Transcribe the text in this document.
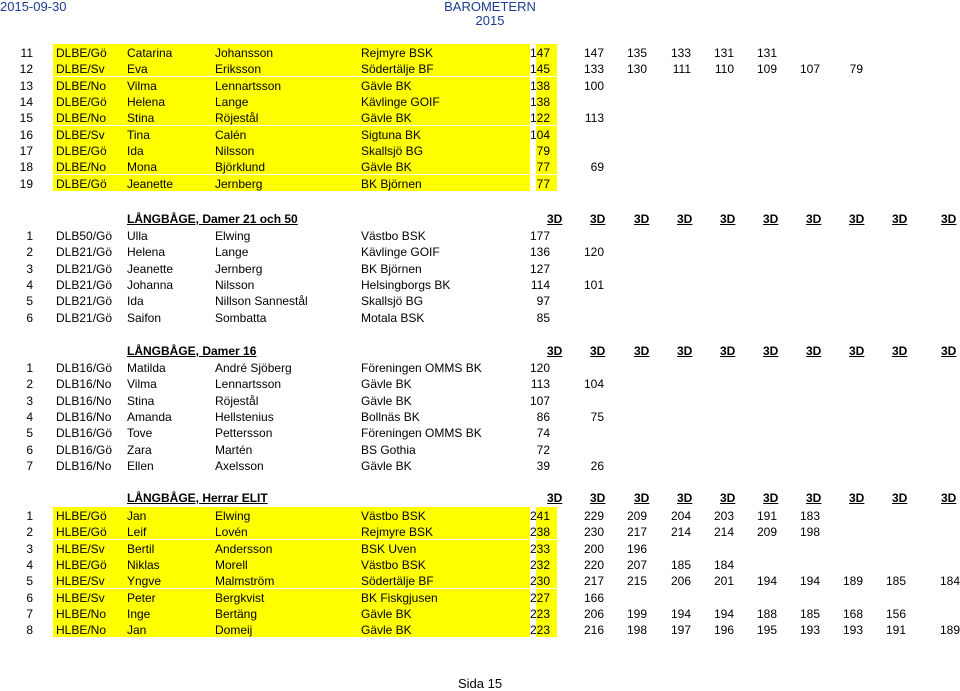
2015-09-30	BAROMETERN
2015
11 DLBE/Gö Catarina	Johansson	Rejmyre BSK	147	147	135	133	131	131
12 DLBE/Sv Eva	Eriksson	Södertälje BF	145	133	130	111	110	109	107	79
13 DLBE/No Vilma	Lennartsson	Gävle BK	138	100
14 DLBE/Gö Helena	Lange	Kävlinge GOIF	138
15 DLBE/No Stina	Röjestål	Gävle BK	122	113
16 DLBE/Sv Tina	Calén	Sigtuna BK	104
17 DLBE/Gö Ida	Nilsson	Skallsjö BG	79
18 DLBE/No Mona	Björklund	Gävle BK	77	69
19 DLBE/Gö Jeanette	Jernberg	BK Björnen	77
LÅNGBÅGE, Damer 21 och 50	3D 3D 3D 3D 3D 3D 3D 3D 3D	3D
1 DLB50/Gö Ulla	Elwing	Västbo BSK	177
2 DLB21/Gö Helena	Lange	Kävlinge GOIF	136	120
3 DLB21/Gö Jeanette	Jernberg	BK Björnen	127
4 DLB21/Gö Johanna	Nilsson	Helsingborgs BK	114	101
5 DLB21/Gö Ida	Nillson Sannestål	Skallsjö BG	97
6 DLB21/Gö Saifon	Sombatta	Motala BSK	85
LÅNGBÅGE, Damer 16	3D 3D 3D 3D 3D 3D 3D 3D 3D	3D
1 DLB16/Gö Matilda	André Sjöberg	Föreningen OMMS BK	120
2 DLB16/No Vilma	Lennartsson	Gävle BK	113	104
3 DLB16/No Stina	Röjestål	Gävle BK	107
4 DLB16/No Amanda	Hellstenius	Bollnäs BK	86	75
5 DLB16/Gö Tove	Pettersson	Föreningen OMMS BK	74
6 DLB16/Gö Zara	Martén	BS Gothia	72
7 DLB16/No Ellen	Axelsson	Gävle BK	39	26
LÅNGBÅGE, Herrar ELIT	3D 3D 3D 3D 3D 3D 3D 3D 3D	3D
1 HLBE/Gö Jan	Elwing	Västbo BSK	241	229	209	204	203	191	183
2 HLBE/Gö Leif	Lovén	Rejmyre BSK	238	230	217	214	214	209	198
3 HLBE/Sv Bertil	Andersson	BSK Uven	233	200	196
4 HLBE/Gö Niklas	Morell	Västbo BSK	232	220	207	185	184
5 HLBE/Sv Yngve	Malmström	Södertälje BF	230	217	215	206	201	194	194	189	185	184
6 HLBE/Sv Peter	Bergkvist	BK Fiskgjusen	227	166
7 HLBE/No Inge	Bertäng	Gävle BK	223	206	199	194	194	188	185	168	156
8 HLBE/No Jan	Domeij	Gävle BK	223	216	198	197	196	195	193	193	191	189
Sida 15
